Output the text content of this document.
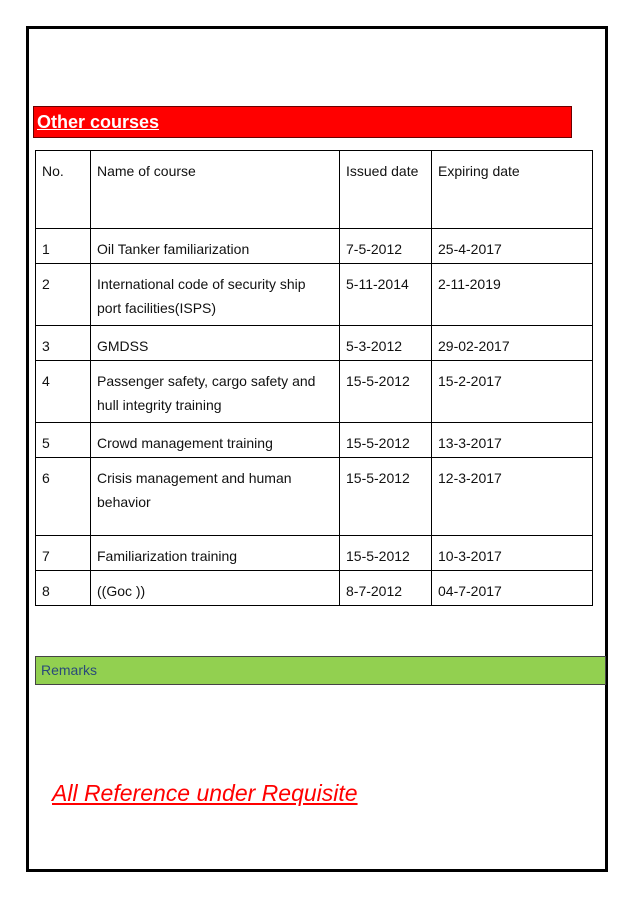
Other courses
No.	Name of course	Issued date	Expiring date
1	Oil Tanker familiarization	7-5-2012	25-4-2017
2	International code of security ship port facilities(ISPS)	5-11-2014	2-11-2019
3	GMDSS	5-3-2012	29-02-2017
4	Passenger safety, cargo safety and hull integrity training	15-5-2012	15-2-2017
5	Crowd management training	15-5-2012	13-3-2017
6	Crisis management and human behavior	15-5-2012	12-3-2017
7	Familiarization training	15-5-2012	10-3-2017
8	((Goc ))	8-7-2012	04-7-2017
Remarks
All Reference under Requisite
